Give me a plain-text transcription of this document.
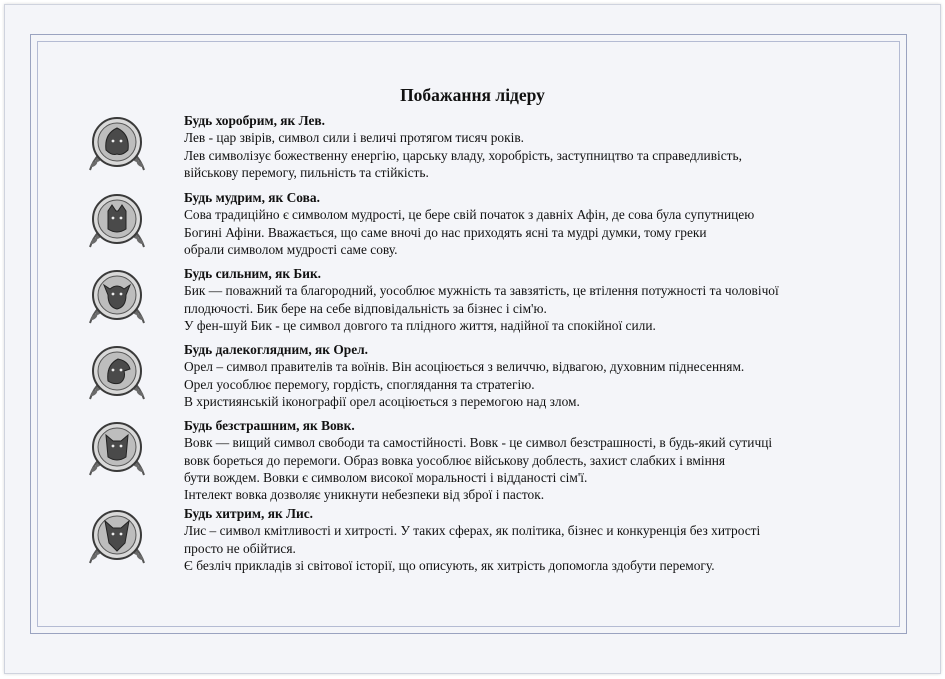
Побажання лідеру
Будь хоробрим, як Лев.
Лев - цар звірів, символ сили і величі протягом тисяч років.
Лев символізує божественну енергію, царську владу, хоробрість, заступництво та справедливість,
військову перемогу, пильність та стійкість.
Будь мудрим, як Сова.
Сова традиційно є символом мудрості, це бере свій початок з давніх Афін, де сова була супутницею
Богині Афіни. Вважається, що саме вночі до нас приходять ясні та мудрі думки, тому греки
обрали символом мудрості саме сову.
Будь сильним, як Бик.
Бик — поважний та благородний, уособлює мужність та завзятість, це втілення потужності та чоловічої
плодючості. Бик бере на себе відповідальність за бізнес і сім'ю.
У фен-шуй Бик - це символ довгого та плідного життя, надійної та спокійної сили.
Будь далекоглядним, як Орел.
Орел – символ правителів та воїнів. Він асоціюється з величчю, відвагою, духовним піднесенням.
Орел уособлює перемогу, гордість, споглядання та стратегію.
В християнській іконографії орел асоціюється з перемогою над злом.
Будь безстрашним, як Вовк.
Вовк — вищий символ свободи та самостійності. Вовк - це символ безстрашності, в будь-який сутичці
вовк бореться до перемоги. Образ вовка уособлює військову доблесть, захист слабких і вміння
бути вождем. Вовки є символом високої моральності і відданості сім'ї.
Інтелект вовка дозволяє уникнути небезпеки від зброї і пасток.
Будь хитрим, як Лис.
Лис – символ кмітливості и хитрості. У таких сферах, як політика, бізнес и конкуренція без хитрості
просто не обійтися.
Є безліч прикладів зі світової історії, що описують, як хитрість допомогла здобути перемогу.
